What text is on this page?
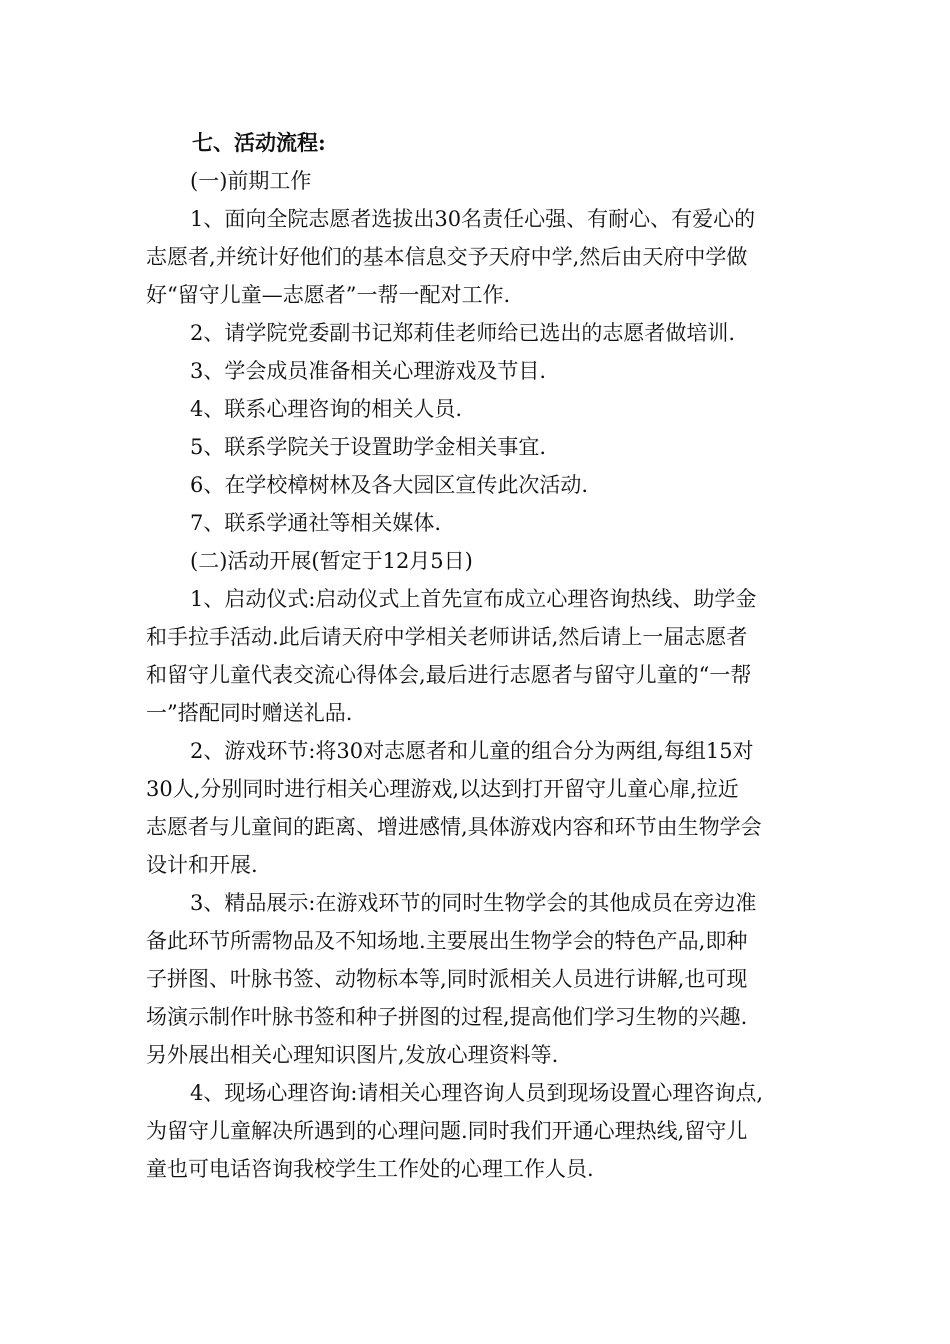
七、活动流程:
(一)前期工作
1、面向全院志愿者选拔出30名责任心强、有耐心、有爱心的
志愿者,并统计好他们的基本信息交予天府中学,然后由天府中学做
好“留守儿童—志愿者”一帮一配对工作.
2、请学院党委副书记郑莉佳老师给已选出的志愿者做培训.
3、学会成员准备相关心理游戏及节目.
4、联系心理咨询的相关人员.
5、联系学院关于设置助学金相关事宜.
6、在学校樟树林及各大园区宣传此次活动.
7、联系学通社等相关媒体.
(二)活动开展(暂定于12月5日)
1、启动仪式:启动仪式上首先宣布成立心理咨询热线、助学金
和手拉手活动.此后请天府中学相关老师讲话,然后请上一届志愿者
和留守儿童代表交流心得体会,最后进行志愿者与留守儿童的“一帮
一”搭配同时赠送礼品.
2、游戏环节:将30对志愿者和儿童的组合分为两组,每组15对
30人,分别同时进行相关心理游戏,以达到打开留守儿童心扉,拉近
志愿者与儿童间的距离、增进感情,具体游戏内容和环节由生物学会
设计和开展.
3、精品展示:在游戏环节的同时生物学会的其他成员在旁边准
备此环节所需物品及不知场地.主要展出生物学会的特色产品,即种
子拼图、叶脉书签、动物标本等,同时派相关人员进行讲解,也可现
场演示制作叶脉书签和种子拼图的过程,提高他们学习生物的兴趣.
另外展出相关心理知识图片,发放心理资料等.
4、现场心理咨询:请相关心理咨询人员到现场设置心理咨询点,
为留守儿童解决所遇到的心理问题.同时我们开通心理热线,留守儿
童也可电话咨询我校学生工作处的心理工作人员.
